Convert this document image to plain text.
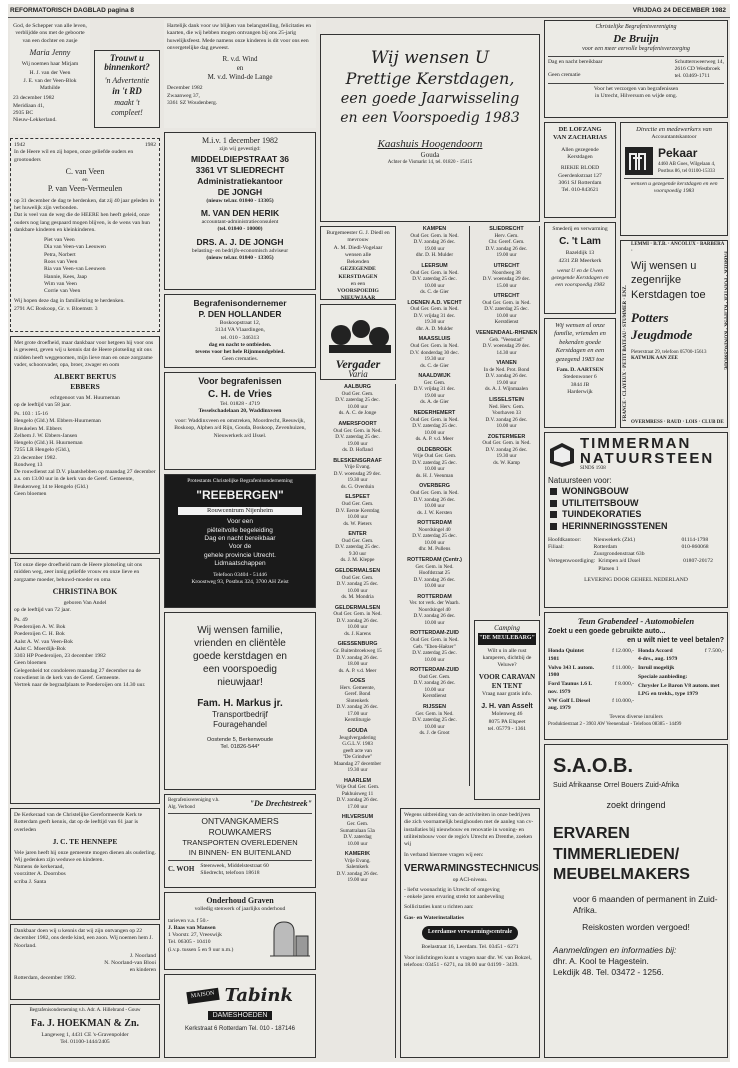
REFORMATORISCH DAGBLAD pagina 8	VRIJDAG 24 DECEMBER 1982
God, de Schepper van alle leven, verblijdde ons met de geboorte van een dochter en zusje
Maria Jenny
Wij noemen haar Mirjam
H. J. van der Veen
J. E. van der Veen-Blok
Mathilde
23 december 1982
Meridiaan 41,
2935 BC
Nieuw-Lekkerland.
Trouwt u binnenkort?
'n Advertentie
in 't RD
maakt 't
compleet!
1942	1982
In de Heere wil en zij hopen, onze geliefde ouders en grootouders
C. van Veen
en
P. van Veen-Vermeulen
op 31 december de dag te herdenken, dat zij 40 jaar geleden in het huwelijk zijn verbonden.
Dat is veel van de weg die de HEERE hen heeft geleid, onze ouders nog lang gespaard mogen blijven, is de wens van hun dankbare kinderen en kleinkinderen.
Piet van Veen
Dia van Veen-van Leeuwen
Petra, Norbert
Roos van Veen
Ria van Veen-van Leeuwen
Hannie, Kees, Jaap
Wim van Veen
Corrie van Veen
Wij hopen deze dag in familiekring te herdenken.
2791 AC Boskoop, Gr. v. Bloemstr. 3
Met grote droefheid, maar dankbaar voor hetgeen hij voor ons is geweest, geven wij u kennis dat de Heere plotseling uit ons midden heeft weggenomen, mijn lieve man en onze zorgzame vader, schoonvader, opa, broer, zwager en oom
ALBERT BERTUS
EBBERS
echtgenoot van M. Huurneman
op de leeftijd van 58 jaar.
Ps. 103 : 15-16
Hengelo (Gld.) M. Ebbers-Huurneman
Breukelen M. Ebbers
Zelhem J. W. Ebbers-Jansen
Hengelo (Gld.) H. Huurneman
7255 LR Hengelo (Gld.),
23 december 1982.
Rondweg 13
De rouwdienst zal D.V. plaatshebben op maandag 27 december a.s. om 13.00 uur in de kerk van de Geref. Gemeente, Beukenweg 14 te Hengelo (Gld.)
Geen bloemen
Tot onze diepe droefheid nam de Heere plotseling uit ons midden weg, zeer innig geliefde vrouw en onze lieve en zorgzame moeder, behuwd-moeder en oma
CHRISTINA BOK
geboren Van Andel
op de leeftijd van 72 jaar.
Ps. 49
Poederoijen A. W. Bok
Poederoijen C. H. Bok
Aalst A. W. van Veen-Bok
Aalst C. Moerdijk-Bok
3303 HP Poederoijen, 23 december 1982
Geen bloemen
Gelegenheid tot condoleren maandag 27 december na de rouwdienst in de kerk van de Geref. Gemeente.
Vertrek naar de begraafplaats te Poederoijen om 14.30 uur.
De Kerkeraad van de Christelijke Gereformeerde Kerk te Rotterdam geeft kennis, dat op de leeftijd van 61 jaar is overleden
J. C. TE HENNEPE
Vele jaren heeft hij onze gemeente mogen dienen als ouderling. Wij gedenken zijn weduwe en kinderen.
Namens de kerkeraad,
voorzitter A. Doornbos
scriba J. Santa
Dankbaar doen wij u kennis dat wij zijn ontvangen op 22 december 1982, ons derde kind, een zoon. Wij noemen hem J. Noorland.
J. Noorland
N. Noorland-van Blooi
en kinderen
Rotterdam, december 1982.
Begrafenisonderneming v.h. Adr. A. Hillebrand - Gouw
Fa. J. HOEKMAN & Zn.
Langeweg 1, 4431 CE 's-Gravenpolder
Tel. 01100-1444/2405
Hartelijk dank voor uw blijken van belangstelling, felicitaties en kaarten, die wij hebben mogen ontvangen bij ons 25-jarig huwelijksfeest. Mede namens onze kinderen is dit voor ons een onvergetelijke dag geweest.
R. v.d. Wind
en
M. v.d. Wind-de Lange
December 1982
Zwaanweg 37,
3361 SZ Woudenberg.
M.i.v. 1 december 1982
zijn wij gevestigd:
MIDDELDIEPSTRAAT 36
3361 VT SLIEDRECHT
Administratiekantoor
DE JONGH
(nieuw tel.nr. 01840 - 13305)
M. VAN DEN HERIK
accountant-administratieconsulent
(tel. 01840 - 10000)
DRS. A. J. DE JONGH
belasting- en bedrijfs-economisch adviseur
(nieuw tel.nr. 01840 - 13305)
Begrafenisondernemer
P. DEN HOLLANDER
Boskoopstraat 12,
3134 VA Vlaardingen,
tel. 010 - 346313
dag en nacht te ontbieden.
tevens voor het hele Rijnmondgebied.
Geen crematies.
Voor begrafenissen
C. H. de Vries
Tel. 01828 - 4719
Tesselschadelaan 20, Waddinxveen
voor: Waddinxveen en omstreken, Moordrecht, Reeuwijk, Boskoop, Alphen a/d Rijn, Gouda, Boskoop, Zevenhuizen, Nieuwerkerk a/d IJssel.
Protestants Christelijke Begrafenisonderneming
"REEBERGEN"
Rouwcentrum Nijenheim
Voor een
piëteitvolle begeleiding
Dag en nacht bereikbaar
Voor de
gehele provincie Utrecht.
Lidmaatschappen
Telefoon 03404 - 51446
Kroostweg 93, Postbus 324, 3700 AH Zeist
Wij wensen familie,
vrienden en cliëntèle
goede kerstdagen en
een voorspoedig
nieuwjaar!
Fam. H. Markus jr.
Transportbedrijf
Fouragehandel
Oostende 5, Berkenwoude
Tel. 01826-544*
Begrafenisvereniging v.h. Alg. Verbond	"De Drechtstreek"
ONTVANGKAMERS
ROUWKAMERS
TRANSPORTEN OVERLEDENEN
IN BINNEN- EN BUITENLAND
C. WOH Steenweek, Middelstestraat 60
Sliedrecht, telefoon 18618
Onderhoud Graven
volledig stenwerk of jaarlijks onderhoud
tarieven v.a. f 50.-
J. Baas van Mansen
1 Voorstr. 27, Vreeswijk
Tel. 06305 - 10410
(i.v.p. tussen 5 en 9 uur n.m.)
MAISON Tabink
DAMESHOEDEN
Kerkstraat 6 Rotterdam Tel. 010 - 187146
Wij wensen U
Prettige Kerstdagen,
een goede Jaarwisseling
en een Voorspoedig 1983
Kaashuis Hoogendoorn
Gouda
Achter de Vismarkt 14, tel. 01820 - 15415
Burgemeester G. J. Diedl en mevrouw
A. M. Diedl-Vogelaar
wensen alle
Bekenden
GEZEGENDE
KERSTDAGEN
en een
VOORSPOEDIG
NIEUWJAAR
Vergader
Varia
AALBURG
Oud Ger. Gem.
D.V. zaterdag 25 dec.
10.00 uur
ds. A. C. de Jonge
AMERSFOORT
Oud Ger. Gem. in Ned.
D.V. zaterdag 25 dec.
19.00 uur
ds. D. Hofland
BLESKENSGRAAF
Vrije Evang.
D.V. woensdag 29 dec.
19.30 uur
ds. G. Overduin
ELSPEET
Oud Ger. Gem.
D.V. Eerste Kerstdag
10.00 uur
ds. W. Pieters
ENTER
Oud Ger. Gem.
D.V. zaterdag 25 dec.
9.30 uur
ds. J. M. Kleppe
GELDERMALSEN
Oud Ger. Gem.
D.V. zondag 25 dec.
10.00 uur
ds. M. Mondria
GELDERMALSEN
Oud Ger. Gem. in Ned.
D.V. zondag 26 dec.
10.00 uur
ds. J. Karens
GIESSENBURG
Gr. Buitenbroekweg 15
D.V. zondag 26 dec.
18.00 uur
ds. A. P. v.d. Meer
GOES
Herv. Gemeente,
Geref. Bond
Slotenkerk
D.V. zondag 26 dec.
17.00 uur
Kerstliturgie
GOUDA
Jeugdvergadering
G.G.L.V. 1983
geeft acte van
"De Grindwe"
Maandag 27 december
19.30 uur
HAARLEM
Vrije Oud Ger. Gem.
Pakhuisweg 11
D.V. zondag 26 dec.
17.00 uur
HILVERSUM
Ger. Gem.
Sumatralaan 53a
D.V. zaterdag
10.00 uur
KAMERIK
Vrije Evang.
Salemkerk
D.V. zondag 26 dec.
19.00 uur
KAMPEN
Oud Ger. Gem. in Ned.
D.V. zondag 26 dec.
19.00 uur
dhr. D. H. Mulder
LEERSUM
Oud Ger. Gem. in Ned.
D.V. zaterdag 25 dec.
10.00 uur
ds. C. de Gier
LOENEN A.D. VECHT
Oud Ger. Gem. in Ned.
D.V. vrijdag 31 dec.
19.30 uur
dhr. A. D. Mulder
MAASSLUIS
Oud Ger. Gem. in Ned.
D.V. donderdag 30 dec.
19.30 uur
ds. C. de Gier
NAALDWIJK
Ger. Gem.
D.V. vrijdag 31 dec.
19.00 uur
ds. A. de Gier
NEDERHEMERT
Oud Ger. Gem. in Ned.
D.V. zaterdag 25 dec.
10.00 uur
ds. A. P. v.d. Meer
OLDEBROEK
Vrije Oud Ger. Gem.
D.V. zaterdag 25 dec.
10.00 uur
ds. H. J. Veenman
OVERBERG
Oud Ger. Gem. in Ned.
D.V. zondag 26 dec.
10.00 uur
ds. J. W. Kersten
ROTTERDAM
Noordsingel 40
D.V. zaterdag 25 dec.
10.00 uur
dhr. M. Pullens
ROTTERDAM (Centr.)
Ger. Gem. in Ned.
Hoofdstraat 25
D.V. zondag 26 dec.
10.00 uur
ROTTERDAM
Ver. tot verk. der Waarh.
Noordsingel 40
D.V. zondag 26 dec.
10.00 uur
ROTTERDAM-ZUID
Oud Ger. Gem. in Ned.
Geb. "Eben-Haëzer"
D.V. zaterdag 25 dec.
10.00 uur
ROTTERDAM-ZUID
Oud Ger. Gem.
D.V. zondag 26 dec.
10.00 uur
Kerstdienst
RIJSSEN
Ger. Gem. in Ned.
D.V. zaterdag 25 dec.
10.00 uur
ds. J. de Groot
SLIEDRECHT
Herv. Gem.
Chr. Geref. Gem.
D.V. zondag 26 dec.
19.00 uur
UTRECHT
Noordweg 38
D.V. woensdag 29 dec.
15.00 uur
UTRECHT
Oud Ger. Gem. in Ned.
D.V. zaterdag 25 dec.
10.00 uur
Kerstdienst
VEENENDAAL-RHENEN
Geb. "Veenstad"
D.V. woensdag 29 dec.
14.30 uur
VIANEN
In de Ned. Prot. Bond
D.V. zondag 26 dec.
19.00 uur
ds. A. J. Wijnmaalen
LISSELSTEIN
Ned. Herv. Gem.
Voorhaven 33
D.V. zondag 26 dec.
10.00 uur
ZOETERMEER
Oud Ger. Gem. in Ned.
D.V. zondag 26 dec.
19.30 uur
ds. W. Kamp
Camping
"DE MEULEBARG"
Wilt u in alle rust kamperen, dichtbij de Veluwe?
VOOR CARAVAN EN TENT
Vraag naar gratis info.
J. H. van Asselt
Molenweg 46
8075 PA Elspeet
tel. 05779 - 1361
Wegens uitbreiding van de activiteiten in onze bedrijven die zich voornamelijk bezighouden met de aanleg van cv-installaties bij nieuwbouw en renovatie in woning- en utiliteitsbouw voor de regio's Utrecht en Drenthe, zoeken wij
In verband hiermee vragen wij een:
VERWARMINGSTECHNICUS
op ACI-niveau.
- liefst woonachtig in Utrecht of omgeving
- enkele jaren ervaring strekt tot aanbeveling
Sollicitaties kunt u richten aan:
Gas- en Waterinstallaties
Leerdamse verwarmingscentrale
Boelastraat 16, Leerdam. Tel. 03451 - 6271
Voor inlichtingen kunt u vragen naar dhr. W. van Bokzel, telefoon: 03451 - 6271, na 18.00 uur 04199 - 3439.
Christelijke Begrafenisvereniging
De Bruijn
voor een meer eervolle begrafenisverzorging
Dag en nacht bereikbaar
Geen crematie
Schuttersweerweg 14,
2616 CD Westbroek
tel. 03469-1711
Voor het verzorgen van begrafenissen
in Utrecht, Hilversum en wijde omg.
DE LOFZANG
VAN ZACHARIAS
Allen gezegende Kerstdagen
RIEKIE BLOED
Geerdenkstraat 127
3061 SJ Rotterdam
Tel. 010-843621
Directie en medewerkers van
Accountantskantoor
Pekaar
4460 AB Goes, Wilgelaan 4,
Postbus 86, tel 01100-15333
wensen u gezegende kerstdagen en een voorspoedig 1983
Smederij en verwarming
C. 't Lam
Bazeldijk 13
4231 ZB Meerkerk
wenst U en de Uwen gezegende Kerstdagen en een voorspoedig 1983
Wij wensen al onze familie, vrienden en bekenden goede Kerstdagen en een gezegend 1983 toe
Fam. D. AARTSEN
Stedenwoner 6
3844 JB
Harderwijk
LEMMI · B.T.B. · ANCOLUX · BARBERA ·
OVERMRESS · RAUD · LOIS · CLUB DE
FRANCE · CLAYEUX · PETIT BATEAU · STUMMER · ENZ.	FABRIEK · POINTER · KLIPPSK · KONINGSMODE
Wij wensen u
zegenrijke
Kerstdagen toe
Potters
Jeugdmode
Pieterstraat 29, telefoon 05700-15613
KATWIJK AAN ZEE
TIMMERMAN
NATUURSTEEN
SINDS 1938
Natuursteen voor:
WONINGBOUW
UTILITEITSBOUW
TUINDEKORATIES
HERINNERINGSSTENEN
Hoofdkantoor:	Nieuwekerk (Zld.)	01114-1798
Filiaal:	Rotterdam
Zuurgrondenstraat 63b
010-860068
Vertegenwoordiging: Krimpen a/d IJssel
Platsen 1
01807-20172
LEVERING DOOR GEHEEL NEDERLAND
Teun Grabendeel - Automobielen
Zoekt u een goede gebruikte auto...
en u wilt niet te veel betalen?
Honda Quintet
1981
f 12.000,-
Volvo 343 L autom.
1980
f 11.000,-
Ford Taunus 1.6 L
nov. 1979
f 8.000,-
VW Golf L Diesel
aug. 1979
f 10.000,-
Honda Accord
4-drs., aug. 1979
f 7.500,-
Inruil mogelijk
Speciale aanbieding:
Chrysler Le Baron V8 autom. met LPG en trekh., type 1979
Tevens diverse inruilers
Produktiestraat 2 - 3903 AW Veenendaal - Telefoon 08385 - 14499
S.A.O.B.
Suid Afrikaanse Orrel Bouers Zuid-Afrika
zoekt dringend
ERVAREN
TIMMERLIEDEN/
MEUBELMAKERS
voor 6 maanden of permanent in Zuid-Afrika.
Reiskosten worden vergoed!
Aanmeldingen en informaties bij:
dhr. A. Kool te Hagestein.
Lekdijk 48. Tel. 03472 - 1256.
